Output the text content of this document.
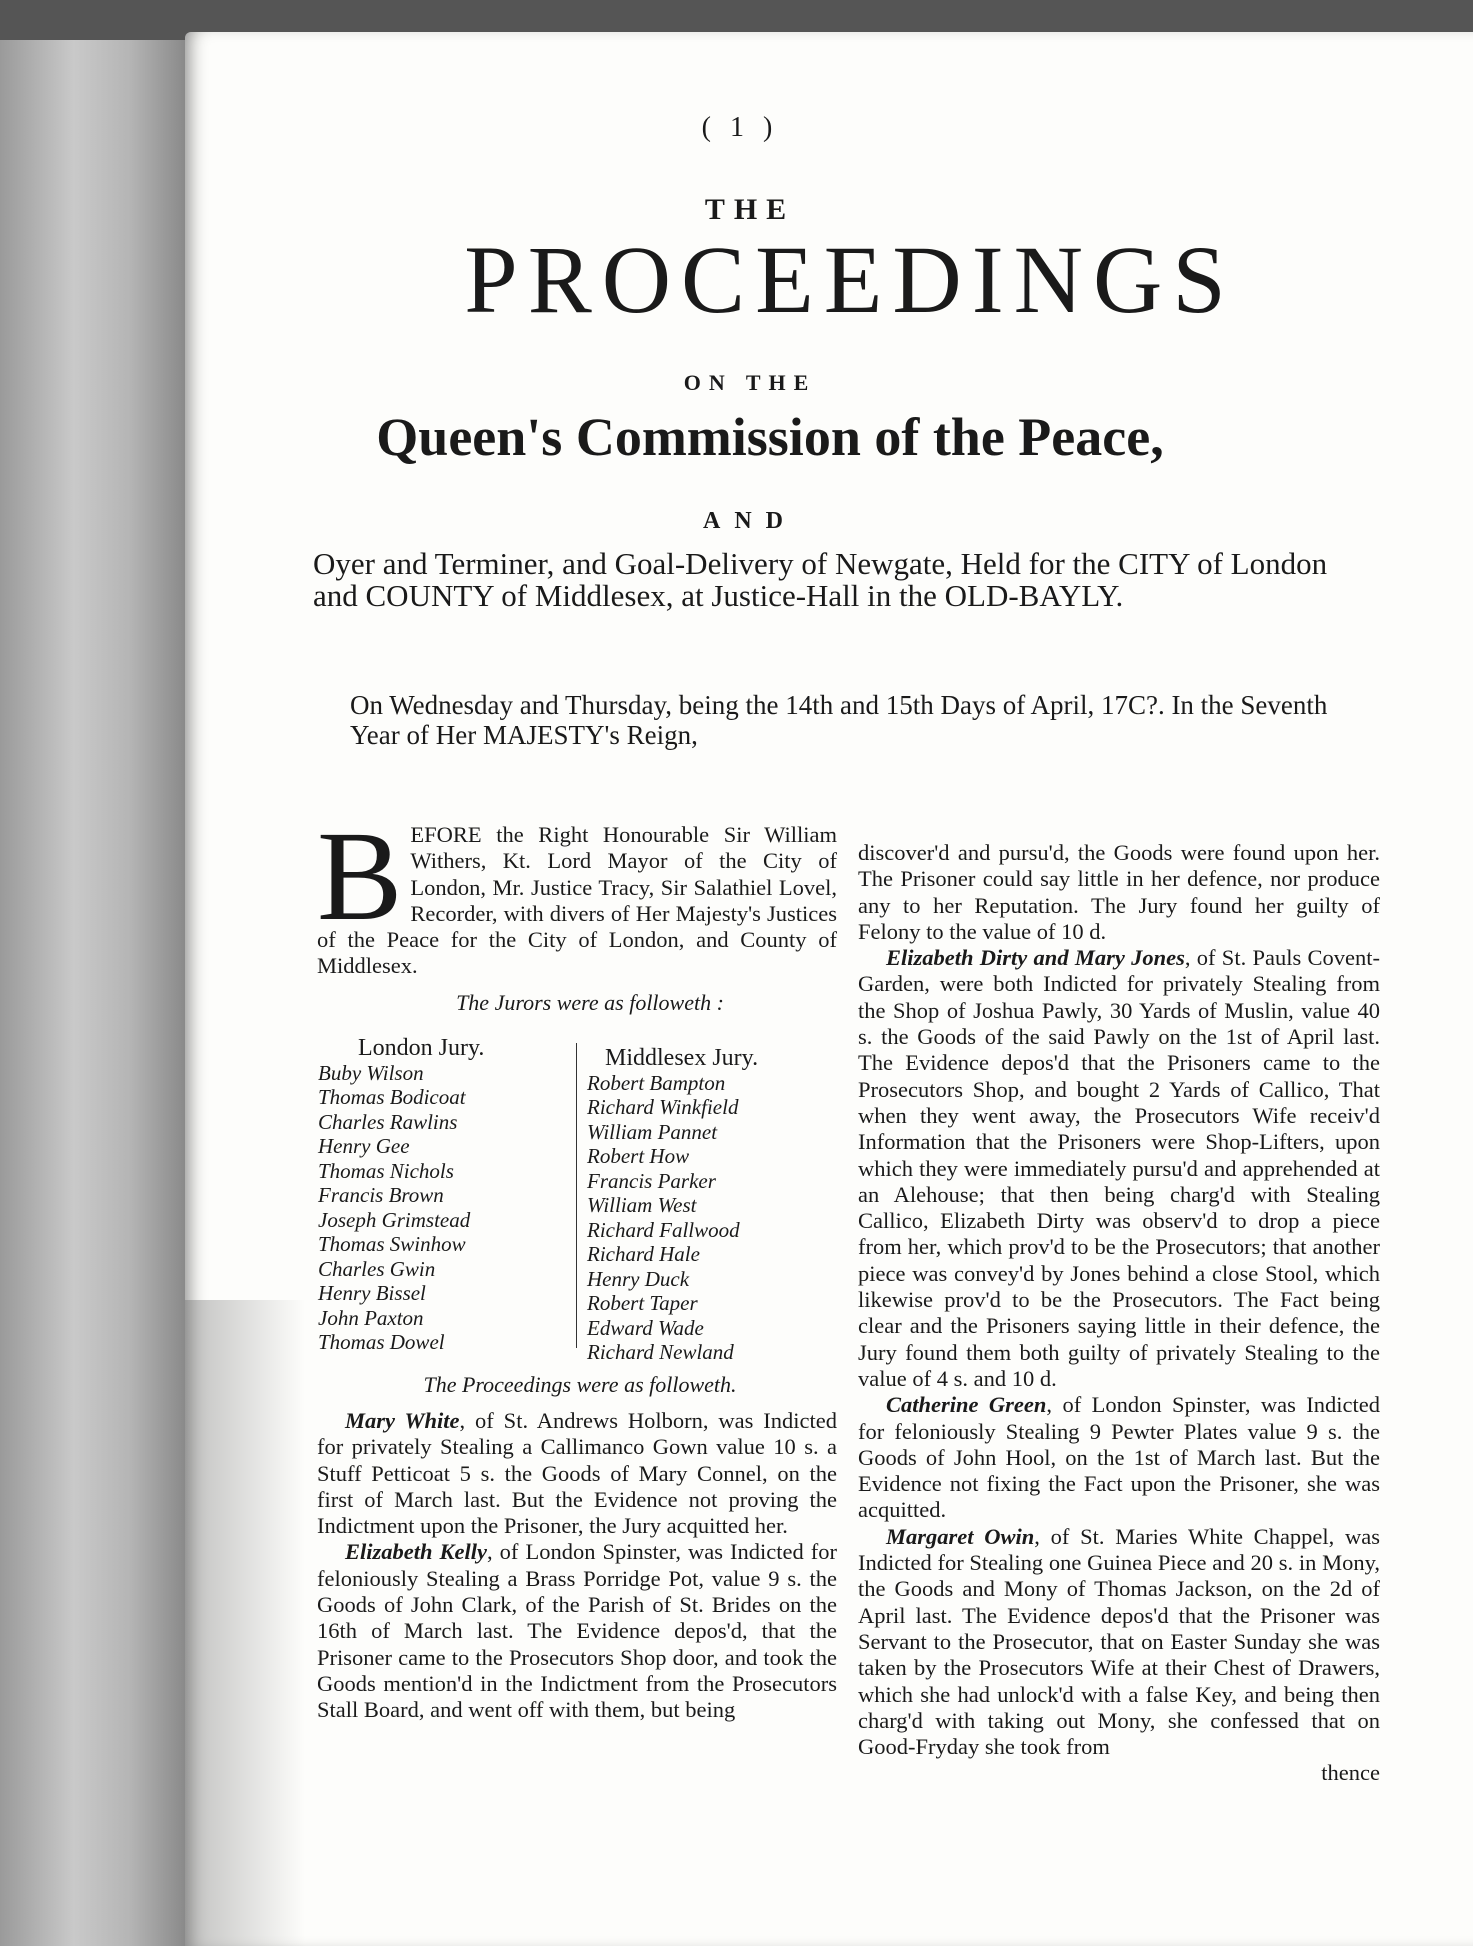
( 1 )
THE
PROCEEDINGS
ON THE
Queen's Commission of the Peace,
AND
Oyer and Terminer, and Goal-Delivery of Newgate, Held for the CITY of London and COUNTY of Middlesex, at Justice-Hall in the OLD-BAYLY.
On Wednesday and Thursday, being the 14th and 15th Days of April, 17C?. In the Seventh Year of Her MAJESTY's Reign,
BEFORE the Right Honourable Sir William Withers, Kt. Lord Mayor of the City of London, Mr. Justice Tracy, Sir Salathiel Lovel, Recorder, with divers of Her Majesty's Justices of the Peace for the City of London, and County of Middlesex.
The Jurors were as followeth :
London Jury.
Buby Wilson
Thomas Bodicoat
Charles Rawlins
Henry Gee
Thomas Nichols
Francis Brown
Joseph Grimstead
Thomas Swinhow
Charles Gwin
Henry Bissel
John Paxton
Thomas Dowel
Middlesex Jury.
Robert Bampton
Richard Winkfield
William Pannet
Robert How
Francis Parker
William West
Richard Fallwood
Richard Hale
Henry Duck
Robert Taper
Edward Wade
Richard Newland
The Proceedings were as followeth.

Mary White, of St. Andrews Holborn, was Indicted for privately Stealing a Callimanco Gown value 10 s. a Stuff Petticoat 5 s. the Goods of Mary Connel, on the first of March last. But the Evidence not proving the Indictment upon the Prisoner, the Jury acquitted her.

Elizabeth Kelly, of London Spinster, was Indicted for feloniously Stealing a Brass Porridge Pot, value 9 s. the Goods of John Clark, of the Parish of St. Brides on the 16th of March last. The Evidence depos'd, that the Prisoner came to the Prosecutors Shop door, and took the Goods mention'd in the Indictment from the Prosecutors Stall Board, and went off with them, but being

discover'd and pursu'd, the Goods were found upon her. The Prisoner could say little in her defence, nor produce any to her Reputation. The Jury found her guilty of Felony to the value of 10 d.

Elizabeth Dirty and Mary Jones, of St. Pauls Covent-Garden, were both Indicted for privately Stealing from the Shop of Joshua Pawly, 30 Yards of Muslin, value 40 s. the Goods of the said Pawly on the 1st of April last. The Evidence depos'd that the Prisoners came to the Prosecutors Shop, and bought 2 Yards of Callico, That when they went away, the Prosecutors Wife receiv'd Information that the Prisoners were Shop-Lifters, upon which they were immediately pursu'd and apprehended at an Alehouse; that then being charg'd with Stealing Callico, Elizabeth Dirty was observ'd to drop a piece from her, which prov'd to be the Prosecutors; that another piece was convey'd by Jones behind a close Stool, which likewise prov'd to be the Prosecutors. The Fact being clear and the Prisoners saying little in their defence, the Jury found them both guilty of privately Stealing to the value of 4 s. and 10 d.

Catherine Green, of London Spinster, was Indicted for feloniously Stealing 9 Pewter Plates value 9 s. the Goods of John Hool, on the 1st of March last. But the Evidence not fixing the Fact upon the Prisoner, she was acquitted.

Margaret Owin, of St. Maries White Chappel, was Indicted for Stealing one Guinea Piece and 20 s. in Mony, the Goods and Mony of Thomas Jackson, on the 2d of April last. The Evidence depos'd that the Prisoner was Servant to the Prosecutor, that on Easter Sunday she was taken by the Prosecutors Wife at their Chest of Drawers, which she had unlock'd with a false Key, and being then charg'd with taking out Mony, she confessed that on Good-Fryday she took from

thence
